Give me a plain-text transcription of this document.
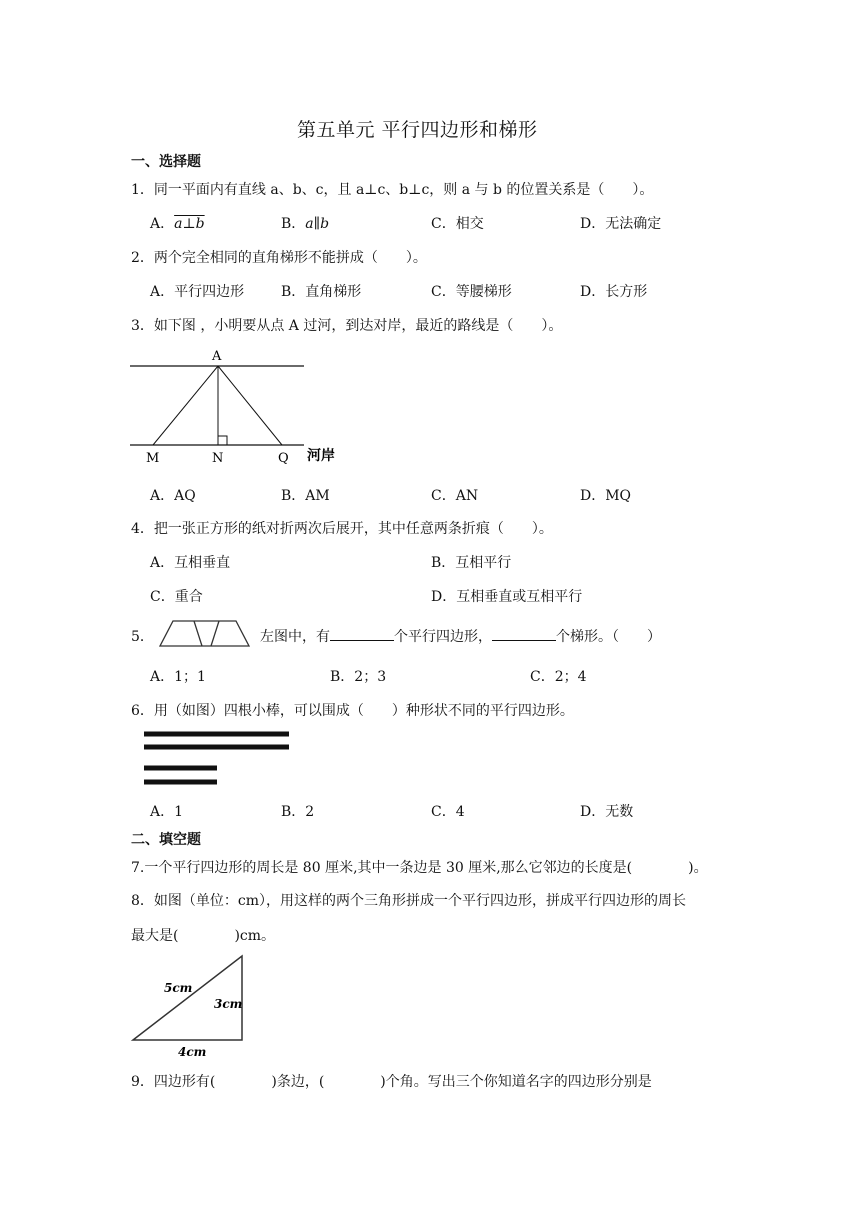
第五单元 平行四边形和梯形
一、选择题
1．同一平面内有直线 a、b、c，且 a⊥c、b⊥c，则 a 与 b 的位置关系是（　　）。
A．a⊥b	B．a∥b	C．相交	D．无法确定
2．两个完全相同的直角梯形不能拼成（　　）。
A．平行四边形	B．直角梯形	C．等腰梯形	D．长方形
3．如下图 ，小明要从点 A 过河，到达对岸，最近的路线是（　　）。
A
M	N	Q 河岸
A．AQ	B．AM	C．AN	D．MQ
4．把一张正方形的纸对折两次后展开，其中任意两条折痕（　　）。
A．互相垂直	B．互相平行
C．重合	D．互相垂直或互相平行
5．	左图中，有	个平行四边形，	个梯形。（　　）
A．1；1	B．2；3	C．2；4
6．用（如图）四根小棒，可以围成（　　）种形状不同的平行四边形。
A．1	B．2	C．4	D．无数
二、填空题
7.一个平行四边形的周长是 80 厘米,其中一条边是 30 厘米,那么它邻边的长度是(　　　　)。
8．如图（单位：cm），用这样的两个三角形拼成一个平行四边形，拼成平行四边形的周长
最大是(　　　　)cm。
5cm
3cm
4cm
9．四边形有(　　　　)条边，(　　　　)个角。写出三个你知道名字的四边形分别是
